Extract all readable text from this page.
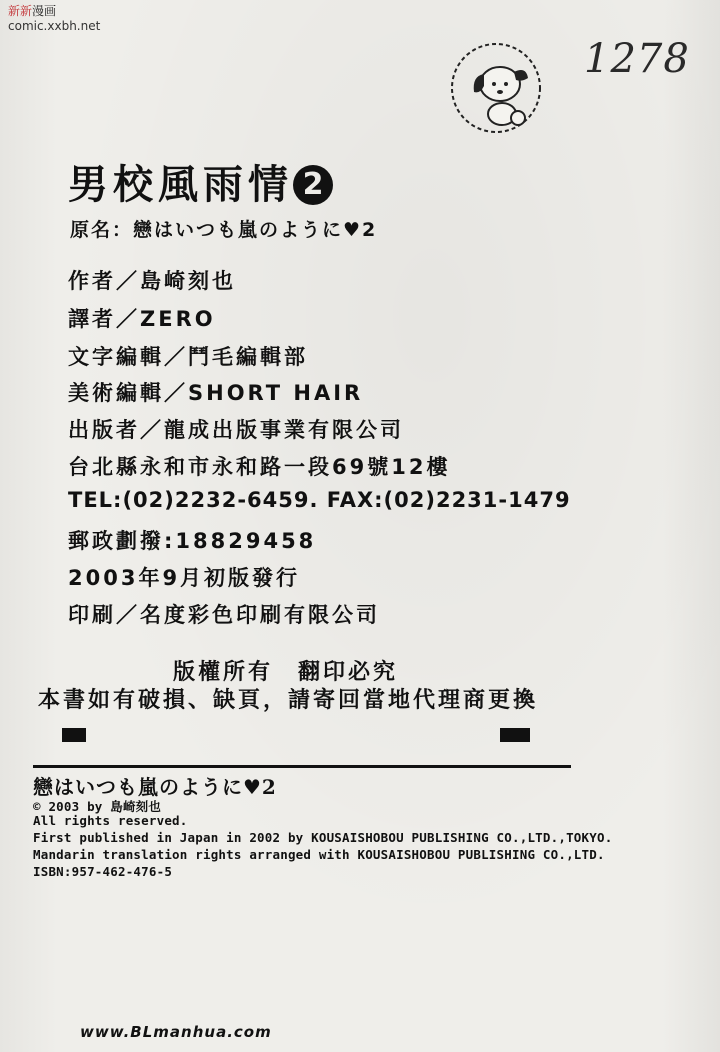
新新漫画
comic.xxbh.net
1278
男校風雨情 2
原名：戀はいつも嵐のように♥2
作者／島崎刻也
譯者／ZERO
文字編輯／鬥毛編輯部
美術編輯／SHORT HAIR
出版者／龍成出版事業有限公司
台北縣永和市永和路一段69號12樓
TEL:(02)2232-6459. FAX:(02)2231-1479
郵政劃撥:18829458
2003年9月初版發行
印刷／名度彩色印刷有限公司
版權所有　翻印必究
本書如有破損、缺頁，請寄回當地代理商更換
戀はいつも嵐のように♥2
© 2003 by 島崎刻也
All rights reserved.
First published in Japan in 2002 by KOUSAISHOBOU PUBLISHING CO.,LTD.,TOKYO.
Mandarin translation rights arranged with KOUSAISHOBOU PUBLISHING CO.,LTD.
ISBN:957-462-476-5
www.BLmanhua.com
